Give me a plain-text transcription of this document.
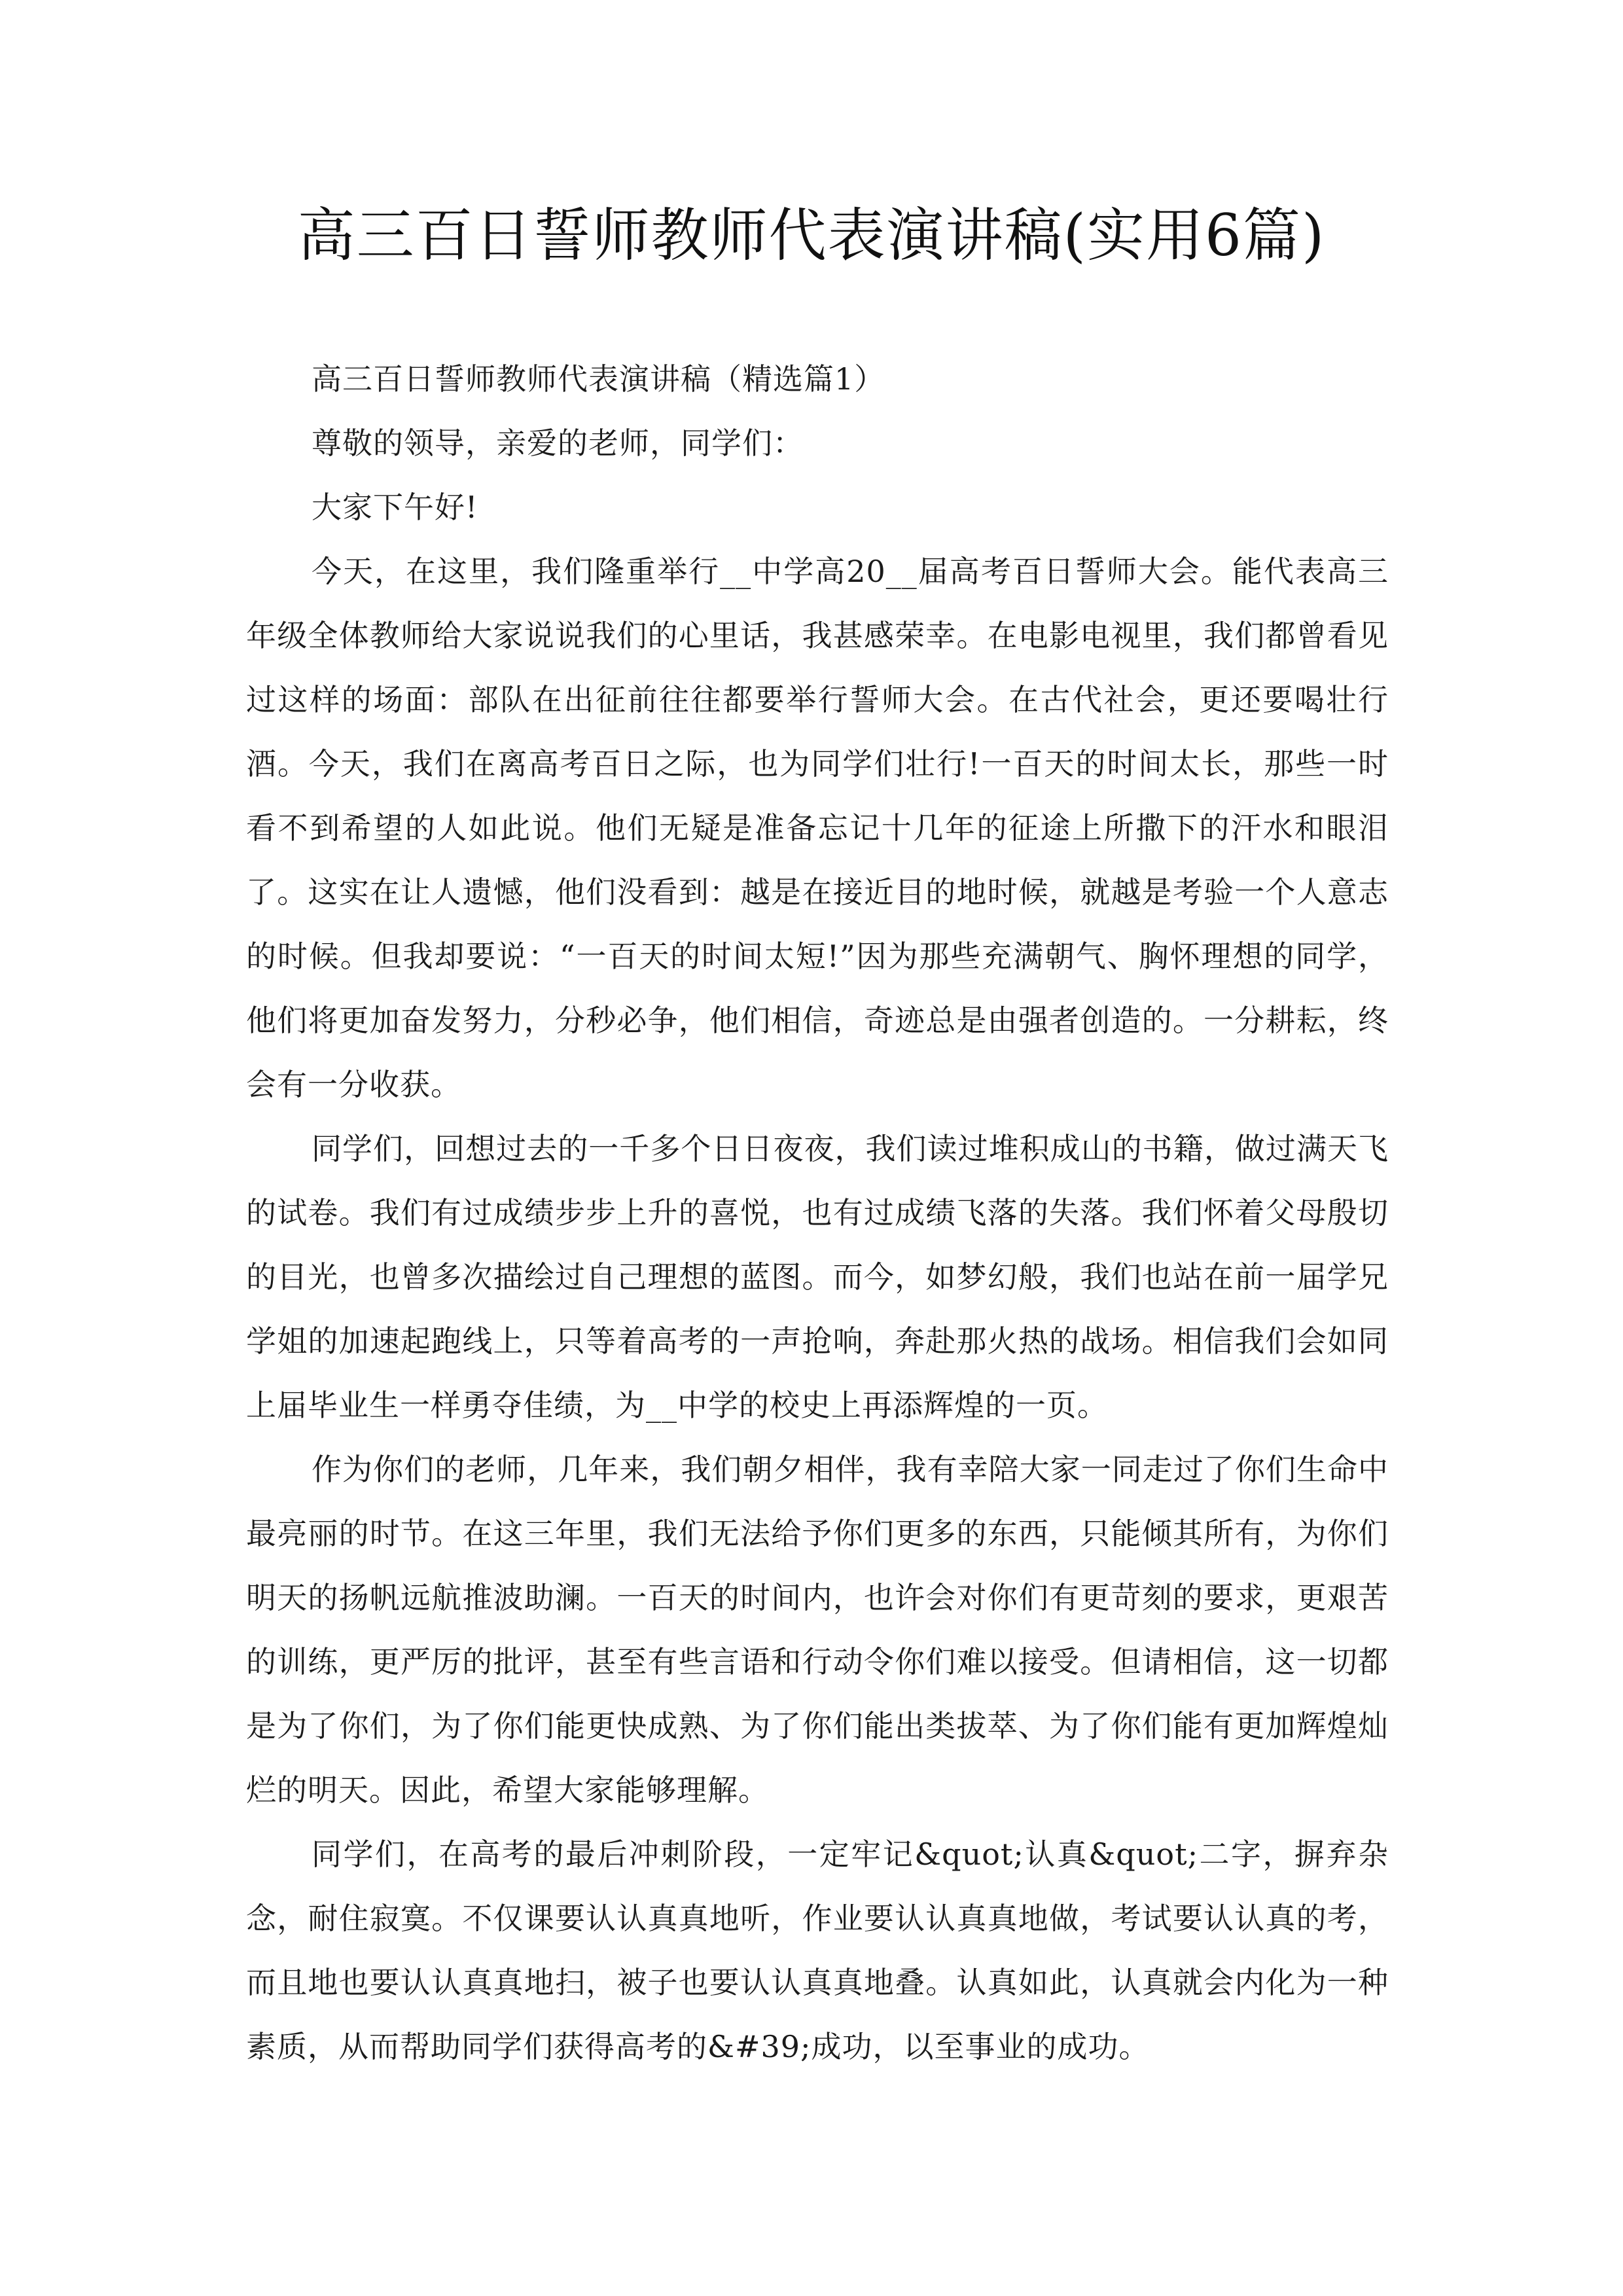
高三百日誓师教师代表演讲稿(实用6篇)

高三百日誓师教师代表演讲稿（精选篇1）

尊敬的领导，亲爱的老师，同学们：

大家下午好!

今天，在这里，我们隆重举行__中学高20__届高考百日誓师大会。能代表高三年级全体教师给大家说说我们的心里话，我甚感荣幸。在电影电视里，我们都曾看见过这样的场面：部队在出征前往往都要举行誓师大会。在古代社会，更还要喝壮行酒。今天，我们在离高考百日之际，也为同学们壮行!一百天的时间太长，那些一时看不到希望的人如此说。他们无疑是准备忘记十几年的征途上所撒下的汗水和眼泪了。这实在让人遗憾，他们没看到：越是在接近目的地时候，就越是考验一个人意志的时候。但我却要说：“一百天的时间太短!”因为那些充满朝气、胸怀理想的同学，他们将更加奋发努力，分秒必争，他们相信，奇迹总是由强者创造的。一分耕耘，终会有一分收获。

同学们，回想过去的一千多个日日夜夜，我们读过堆积成山的书籍，做过满天飞的试卷。我们有过成绩步步上升的喜悦，也有过成绩飞落的失落。我们怀着父母殷切的目光，也曾多次描绘过自己理想的蓝图。而今，如梦幻般，我们也站在前一届学兄学姐的加速起跑线上，只等着高考的一声抢响，奔赴那火热的战场。相信我们会如同上届毕业生一样勇夺佳绩，为__中学的校史上再添辉煌的一页。

作为你们的老师，几年来，我们朝夕相伴，我有幸陪大家一同走过了你们生命中最亮丽的时节。在这三年里，我们无法给予你们更多的东西，只能倾其所有，为你们明天的扬帆远航推波助澜。一百天的时间内，也许会对你们有更苛刻的要求，更艰苦的训练，更严厉的批评，甚至有些言语和行动令你们难以接受。但请相信，这一切都是为了你们，为了你们能更快成熟、为了你们能出类拔萃、为了你们能有更加辉煌灿烂的明天。因此，希望大家能够理解。

同学们，在高考的最后冲刺阶段，一定牢记&quot;认真&quot;二字，摒弃杂念，耐住寂寞。不仅课要认认真真地听，作业要认认真真地做，考试要认认真的考，而且地也要认认真真地扫，被子也要认认真真地叠。认真如此，认真就会内化为一种素质，从而帮助同学们获得高考的&#39;成功，以至事业的成功。
